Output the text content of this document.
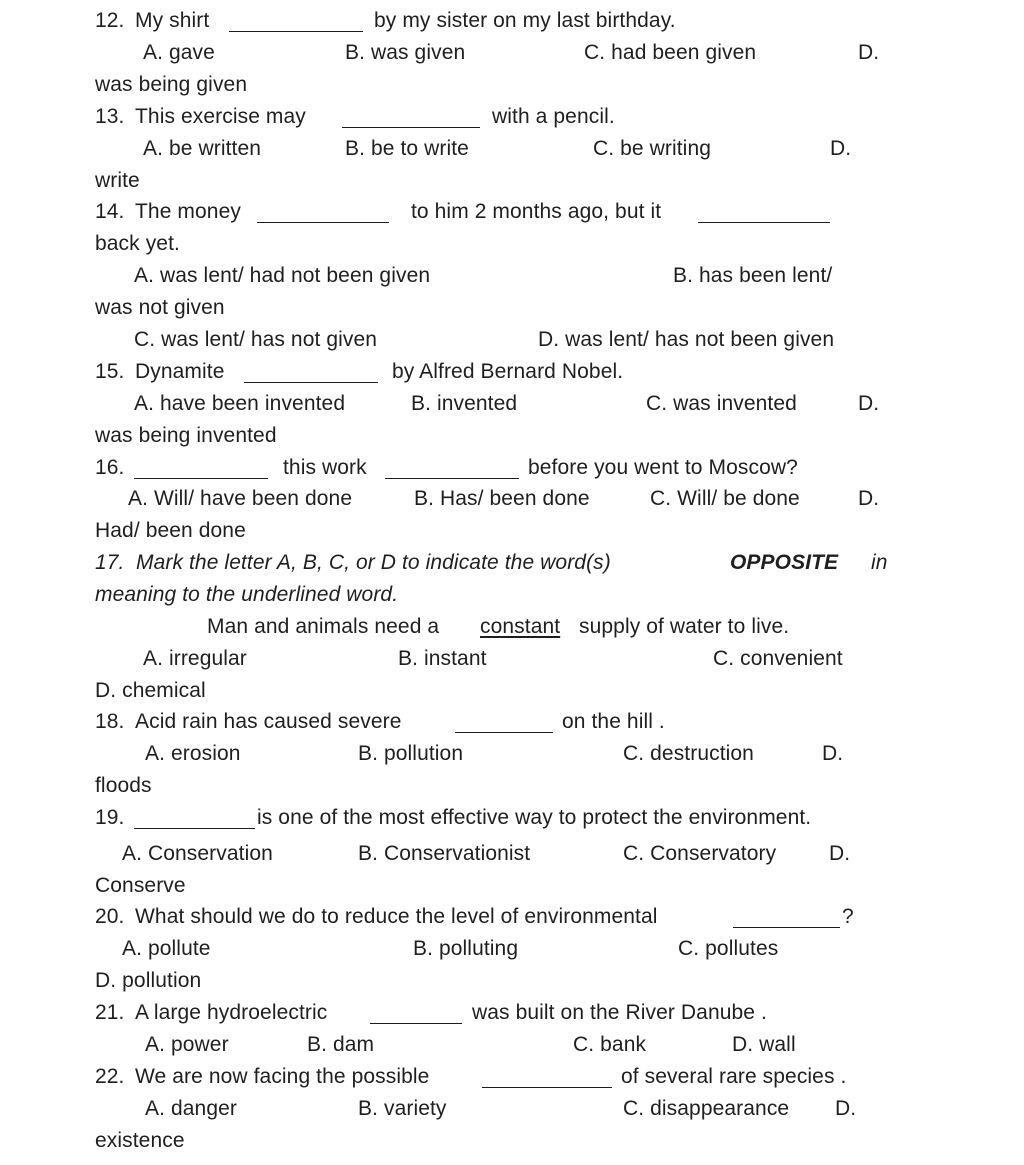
12. My shirt	by my sister on my last birthday.
A. gave	B. was given	C. had been given	D.
was being given
13. This exercise may	with a pencil.
A. be written	B. be to write	C. be writing	D.
write
14. The money	to him 2 months ago, but it
back yet.
A. was lent/ had not been given	B. has been lent/
was not given
C. was lent/ has not given	D. was lent/ has not been given
15. Dynamite	by Alfred Bernard Nobel.
A. have been invented	B. invented	C. was invented	D.
was being invented
16.	this work	before you went to Moscow?
A. Will/ have been done	B. Has/ been done	C. Will/ be done	D.
Had/ been done
17. Mark the letter A, B, C, or D to indicate the word(s)	OPPOSITE in
meaning to the underlined word.
Man and animals need a constant supply of water to live.
A. irregular	B. instant	C. convenient
D. chemical
18. Acid rain has caused severe	on the hill .
A. erosion	B. pollution	C. destruction	D.
floods
19.	is one of the most effective way to protect the environment.
A. Conservation	B. Conservationist	C. Conservatory	D.
Conserve
20. What should we do to reduce the level of environmental	?
A. pollute	B. polluting	C. pollutes
D. pollution
21. A large hydroelectric	was built on the River Danube .
A. power	B. dam	C. bank	D. wall
22. We are now facing the possible	of several rare species .
A. danger	B. variety	C. disappearance D.
existence
